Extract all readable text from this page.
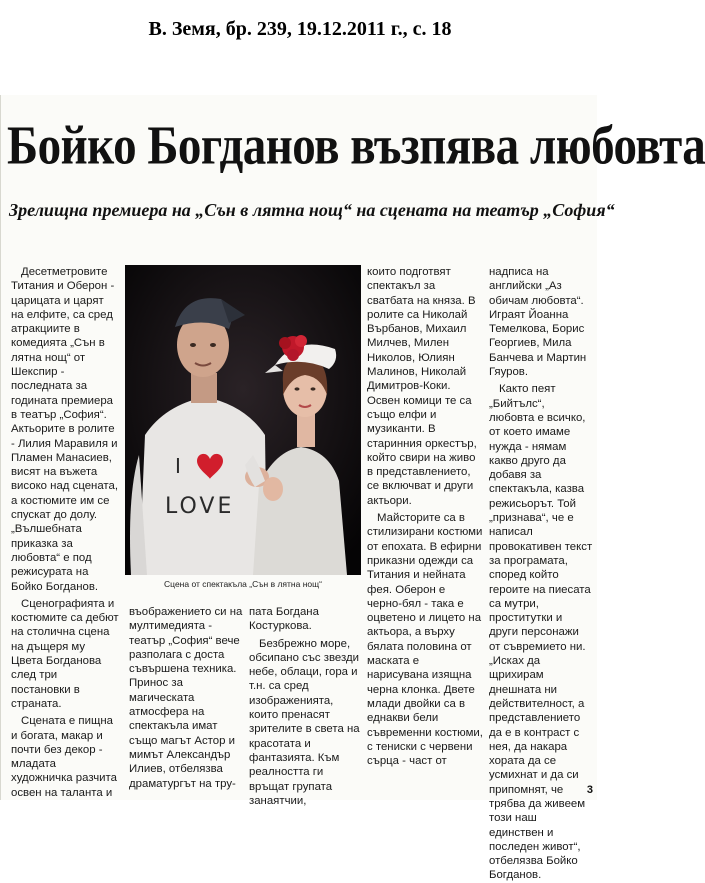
В. Земя, бр. 239, 19.12.2011 г., с. 18
Бойко Богданов възпява любовта
Зрелищна премиера на „Сън в лятна нощ“ на сцената на театър „София“

Десетметровите Титания и Оберон - царицата и царят на елфите, са сред атракциите в комедията „Сън в лятна нощ“ от Шекспир - последната за годината премиера в театър „София“. Актьорите в ролите - Лилия Маравиля и Пламен Манасиев, висят на въжета високо над сцената, а костюмите им се спускат до долу. „Вълшебната приказка за любовта“ е под режисурата на Бойко Богданов.

Сценографията и костюмите са дебют на столична сцена на дъщеря му Цвета Богданова след три постановки в страната.

Сцената е пищна и богата, макар и почти без декор - младата художничка разчита освен на таланта и

I
LOVE
Сцена от спектакъла „Сън в лятна нощ“

въображението си на мултимедията - театър „София“ вече разполага с доста съвършена техника. Принос за магическата атмосфера на спектакъла имат също магът Астор и мимът Александър Илиев, отбелязва драматургът на тру-

пата Богдана Костуркова.

Безбрежно море, обсипано със звезди небе, облаци, гора и т.н. са сред изображенията, които пренасят зрителите в света на красотата и фантазията. Към реалността ги връщат групата занаятчии,

които подготвят спектакъл за сватбата на княза. В ролите са Николай Върбанов, Михаил Милчев, Милен Николов, Юлиян Малинов, Николай Димитров-Коки. Освен комици те са също елфи и музиканти. В старинния оркестър, който свири на живо в представлението, се включват и други актьори.

Майсторите са в стилизирани костюми от епохата. В ефирни приказни одежди са Титания и нейната фея. Оберон е черно-бял - така е оцветено и лицето на актьора, а върху бялата половина от маската е нарисувана изящна черна клонка. Двете млади двойки са в еднакви бели съвременни костюми, с тениски с червени сърца - част от

надписа на английски „Аз обичам любовта“. Играят Йоанна Темелкова, Борис Георгиев, Мила Банчева и Мартин Гяуров.

Както пеят „Бийтълс“, любовта е всичко, от което имаме нужда - нямам какво друго да добавя за спектакъла, казва режисьорът. Той „признава“, че е написал провокативен текст за програмата, според който героите на пиесата са мутри, проститутки и други персонажи от съвремието ни. „Искаx да щрихирам днешната ни действителност, а представлението да е в контраст с нея, да накара хората да се усмихнат и да си припомнят, че трябва да живеем този наш единствен и последен живот“, отбелязва Бойко Богданов.

3
